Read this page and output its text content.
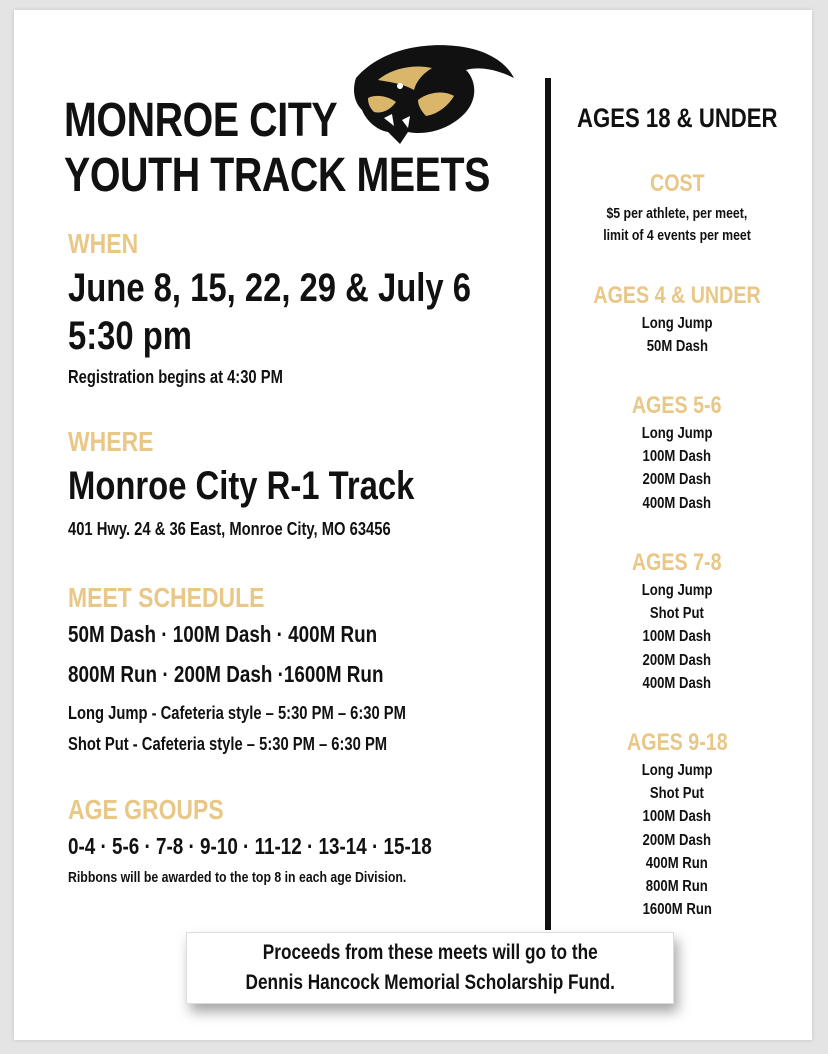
MONROE CITY
YOUTH TRACK MEETS
WHEN
June 8, 15, 22, 29 & July 6
5:30 pm
Registration begins at 4:30 PM
WHERE
Monroe City R-1 Track
401 Hwy. 24 & 36 East, Monroe City, MO 63456
MEET SCHEDULE
50M Dash · 100M Dash · 400M Run
800M Run · 200M Dash ·1600M Run
Long Jump - Cafeteria style – 5:30 PM – 6:30 PM
Shot Put - Cafeteria style – 5:30 PM – 6:30 PM
AGE GROUPS
0-4 · 5-6 · 7-8 · 9-10 · 11-12 · 13-14 · 15-18
Ribbons will be awarded to the top 8 in each age Division.
AGES 18 & UNDER
COST
$5 per athlete, per meet,
limit of 4 events per meet
AGES 4 & UNDER
Long Jump
50M Dash
AGES 5-6
Long Jump
100M Dash
200M Dash
400M Dash
AGES 7-8
Long Jump
Shot Put
100M Dash
200M Dash
400M Dash
AGES 9-18
Long Jump
Shot Put
100M Dash
200M Dash
400M Run
800M Run
1600M Run
Proceeds from these meets will go to the
Dennis Hancock Memorial Scholarship Fund.
